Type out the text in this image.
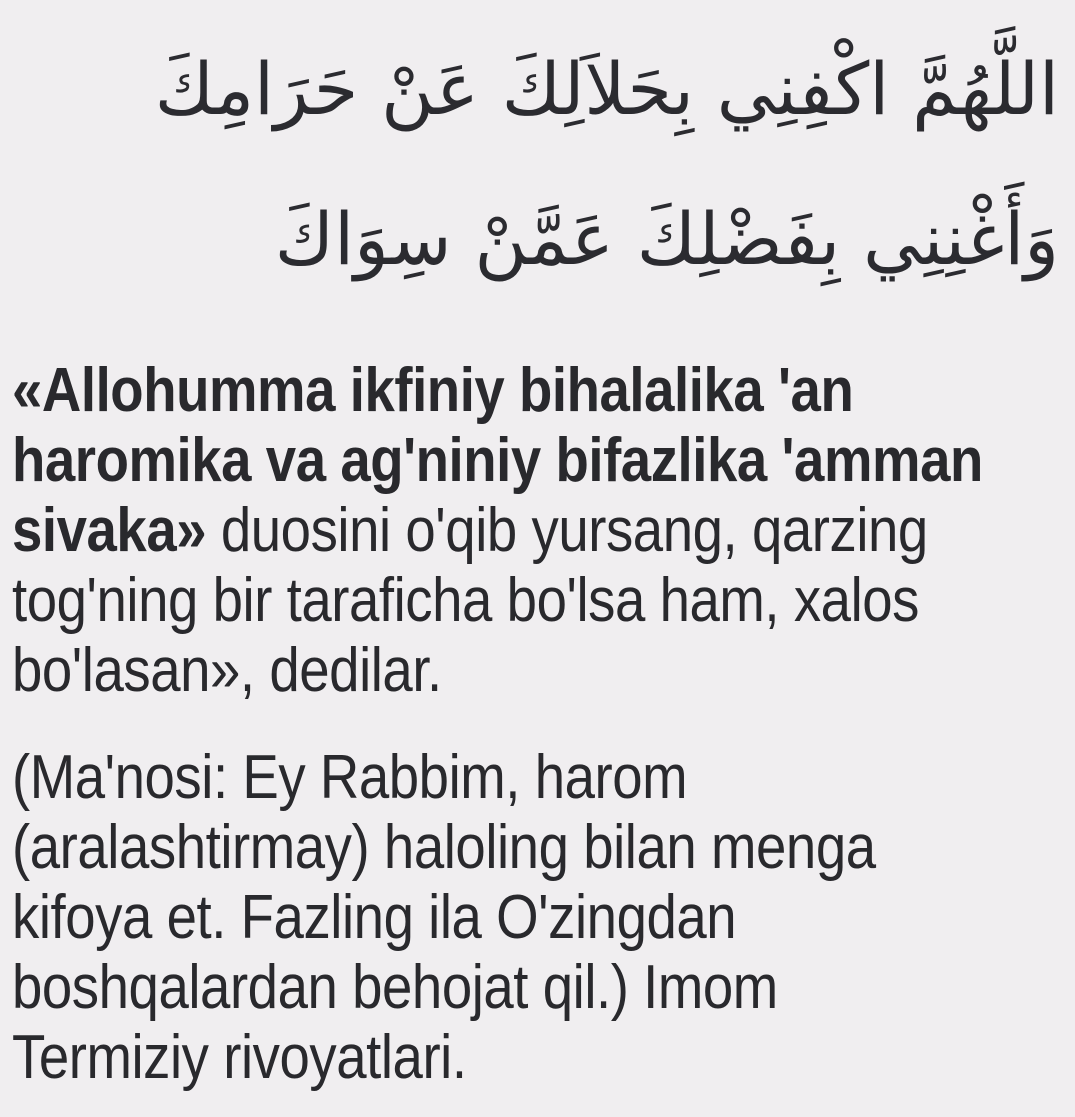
اللَّهُمَّ اكْفِنِي بِحَلاَلِكَ عَنْ حَرَامِكَ
وَأَغْنِنِي بِفَضْلِكَ عَمَّنْ سِوَاكَ
«Allohumma ikfiniy bihalalika 'an
haromika va ag'niniy bifazlika 'amman
sivaka» duosini o'qib yursang, qarzing
tog'ning bir taraficha bo'lsa ham, xalos
bo'lasan», dedilar.
(Ma'nosi: Ey Rabbim, harom
(aralashtirmay) haloling bilan menga
kifoya et. Fazling ila O'zingdan
boshqalardan behojat qil.) Imom
Termiziy rivoyatlari.
